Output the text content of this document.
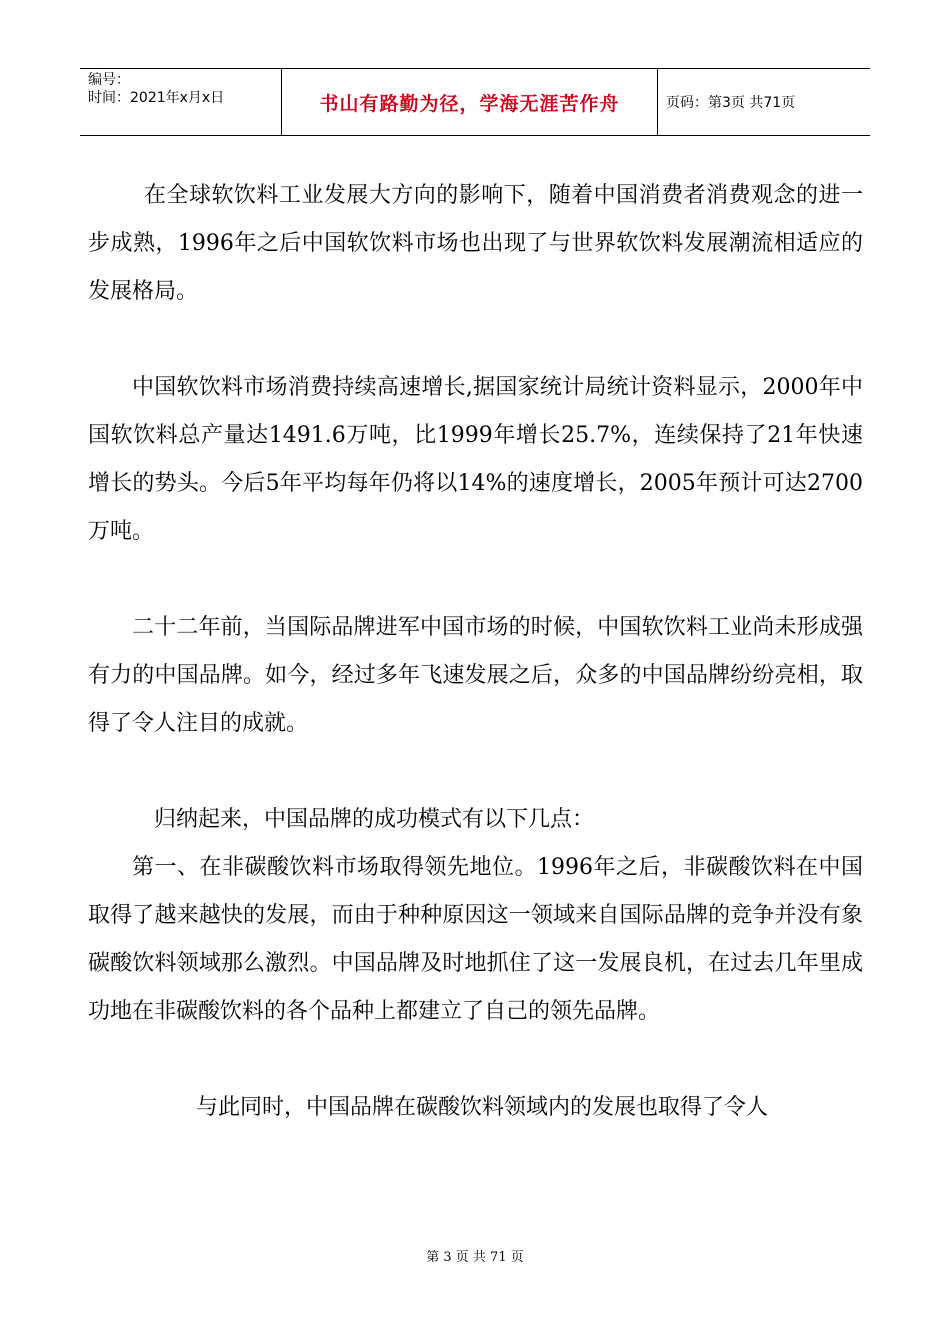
编号：
时间：2021年x月x日	书山有路勤为径，学海无涯苦作舟	页码：第3页 共71页

在全球软饮料工业发展大方向的影响下，随着中国消费者消费观念的进一步成熟，1996年之后中国软饮料市场也出现了与世界软饮料发展潮流相适应的发展格局。

中国软饮料市场消费持续高速增长,据国家统计局统计资料显示，2000年中国软饮料总产量达1491.6万吨，比1999年增长25.7%，连续保持了21年快速增长的势头。今后5年平均每年仍将以14%的速度增长，2005年预计可达2700万吨。

二十二年前，当国际品牌进军中国市场的时候，中国软饮料工业尚未形成强有力的中国品牌。如今，经过多年飞速发展之后，众多的中国品牌纷纷亮相，取得了令人注目的成就。

归纳起来，中国品牌的成功模式有以下几点：

第一、在非碳酸饮料市场取得领先地位。1996年之后，非碳酸饮料在中国取得了越来越快的发展，而由于种种原因这一领域来自国际品牌的竞争并没有象碳酸饮料领域那么激烈。中国品牌及时地抓住了这一发展良机，在过去几年里成功地在非碳酸饮料的各个品种上都建立了自己的领先品牌。

与此同时，中国品牌在碳酸饮料领域内的发展也取得了令人

第 3 页 共 71 页
